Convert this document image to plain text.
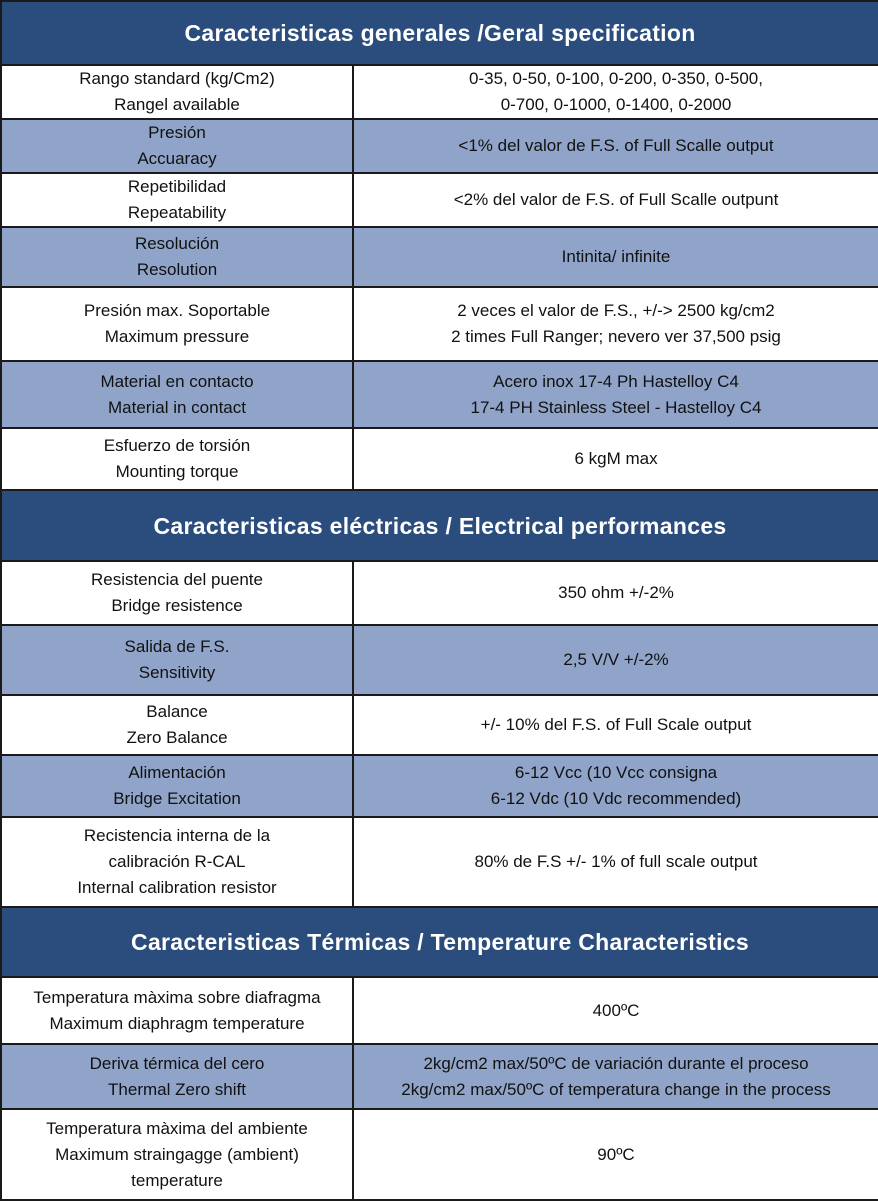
Caracteristicas generales /Geral specification	

Rango standard (kg/Cm2)
Rangel available	0-35, 0-50, 0-100, 0-200, 0-350, 0-500,
0-700, 0-1000, 0-1400, 0-2000

Presión
Accuaracy	<1% del valor de F.S. of Full Scalle output

Repetibilidad
Repeatability	<2% del valor de F.S. of Full Scalle outpunt

Resolución
Resolution	Intinita/ infinite

Presión max. Soportable
Maximum pressure	2 veces el valor de F.S., +/-> 2500 kg/cm2
2 times Full Ranger; nevero ver 37,500 psig

Material en contacto
Material in contact	Acero inox 17-4 Ph Hastelloy C4
17-4 PH Stainless Steel - Hastelloy C4

Esfuerzo de torsión
Mounting torque	6 kgM max

Caracteristicas eléctricas / Electrical performances	

Resistencia del puente
Bridge resistence	350 ohm +/-2%

Salida de F.S.
Sensitivity	2,5 V/V +/-2%

Balance
Zero Balance	+/- 10% del F.S. of Full Scale output

Alimentación
Bridge Excitation	6-12 Vcc (10 Vcc consigna
6-12 Vdc (10 Vdc recommended)

Recistencia interna de la
calibración R-CAL
Internal calibration resistor	80% de F.S +/- 1% of full scale output

Caracteristicas Térmicas / Temperature Characteristics	

Temperatura màxima sobre diafragma
Maximum diaphragm temperature	400ºC

Deriva térmica del cero
Thermal Zero shift	2kg/cm2 max/50ºC de variación durante el proceso
2kg/cm2 max/50ºC of temperatura change in the process

Temperatura màxima del ambiente
Maximum straingagge (ambient)
temperature	90ºC
